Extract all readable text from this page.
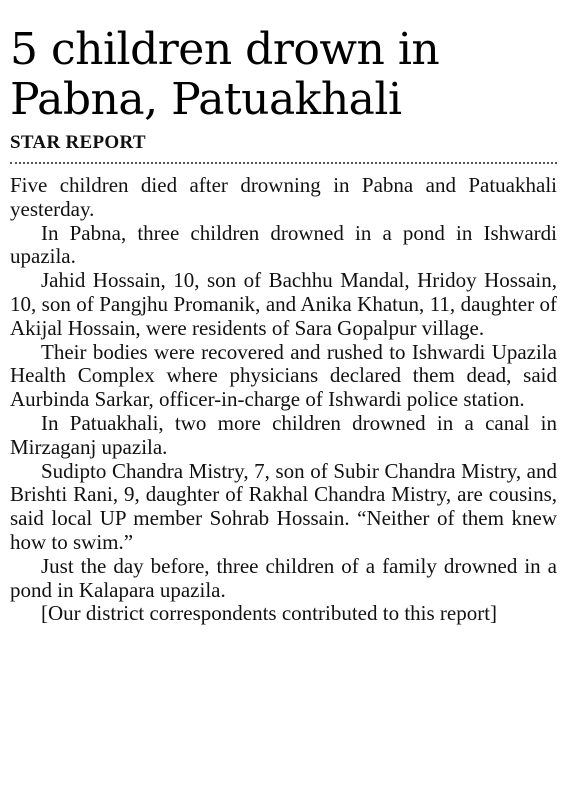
5 children drown in
Pabna, Patuakhali
STAR REPORT

Five children died after drowning in Pabna and Patuakhali yesterday.

In Pabna, three children drowned in a pond in Ishwardi upazila.

Jahid Hossain, 10, son of Bachhu Mandal, Hridoy Hossain, 10, son of Pangjhu Promanik, and Anika Khatun, 11, daughter of Akijal Hossain, were residents of Sara Gopalpur village.

Their bodies were recovered and rushed to Ishwardi Upazila Health Complex where physicians declared them dead, said Aurbinda Sarkar, officer-in-charge of Ishwardi police station.

In Patuakhali, two more children drowned in a canal in Mirzaganj upazila.

Sudipto Chandra Mistry, 7, son of Subir Chandra Mistry, and Brishti Rani, 9, daughter of Rakhal Chandra Mistry, are cousins, said local UP member Sohrab Hossain. “Neither of them knew how to swim.”

Just the day before, three children of a family drowned in a pond in Kalapara upazila.

[Our district correspondents contributed to this report]
